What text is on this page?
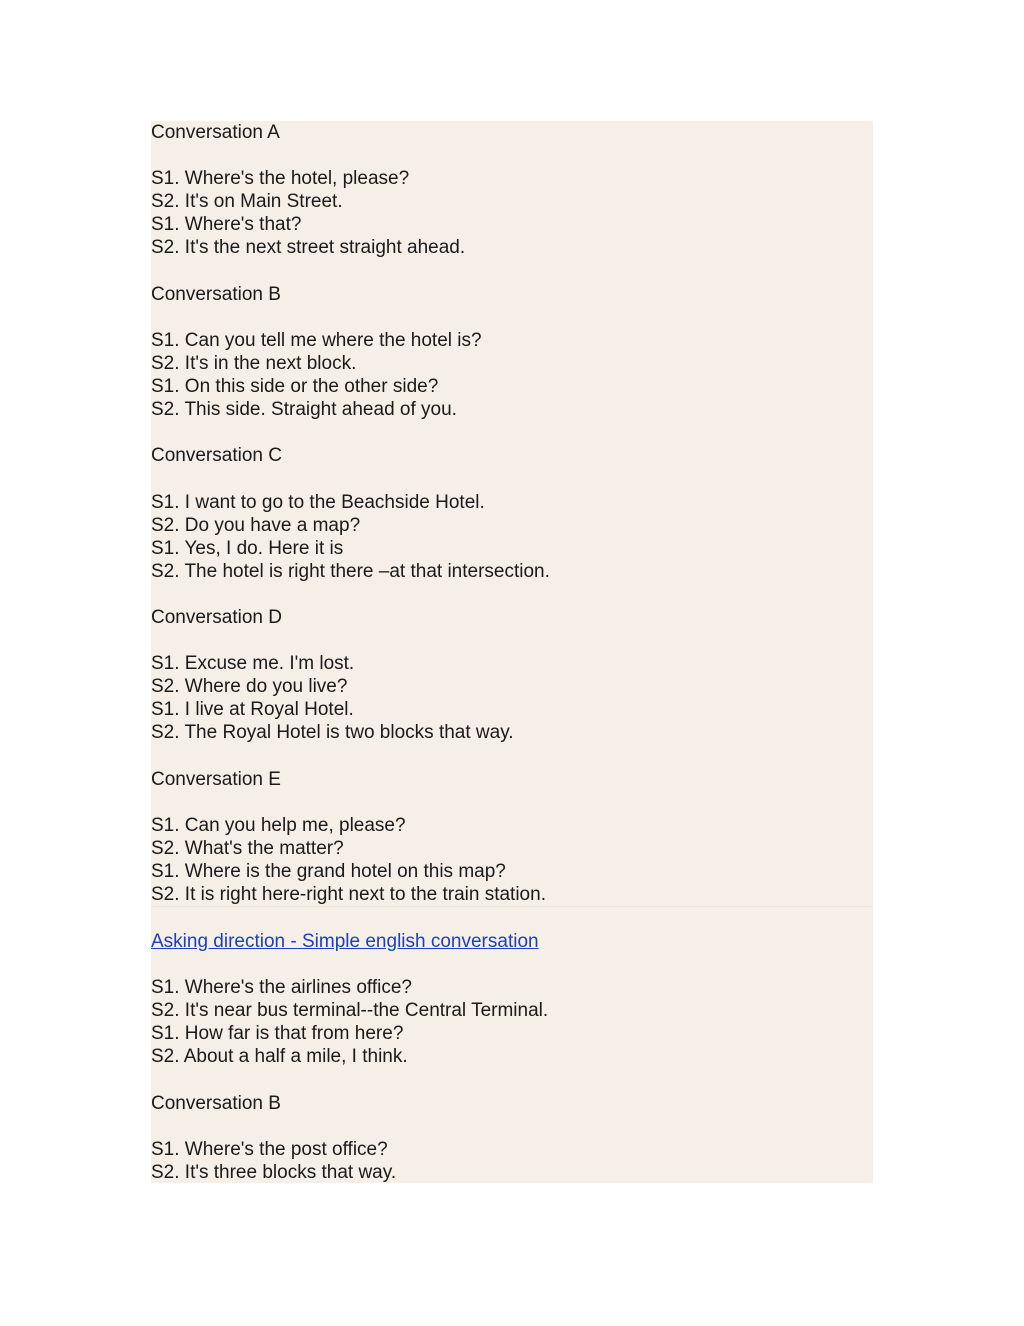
Conversation A
S1. Where's the hotel, please?
S2. It's on Main Street.
S1. Where's that?
S2. It's the next street straight ahead.
Conversation B
S1. Can you tell me where the hotel is?
S2. It's in the next block.
S1. On this side or the other side?
S2. This side. Straight ahead of you.
Conversation C
S1. I want to go to the Beachside Hotel.
S2. Do you have a map?
S1. Yes, I do. Here it is
S2. The hotel is right there –at that intersection.
Conversation D
S1. Excuse me. I'm lost.
S2. Where do you live?
S1. I live at Royal Hotel.
S2. The Royal Hotel is two blocks that way.
Conversation E
S1. Can you help me, please?
S2. What's the matter?
S1. Where is the grand hotel on this map?
S2. It is right here-right next to the train station.
Asking direction - Simple english conversation
S1. Where's the airlines office?
S2. It's near bus terminal--the Central Terminal.
S1. How far is that from here?
S2. About a half a mile, I think.
Conversation B
S1. Where's the post office?
S2. It's three blocks that way.
